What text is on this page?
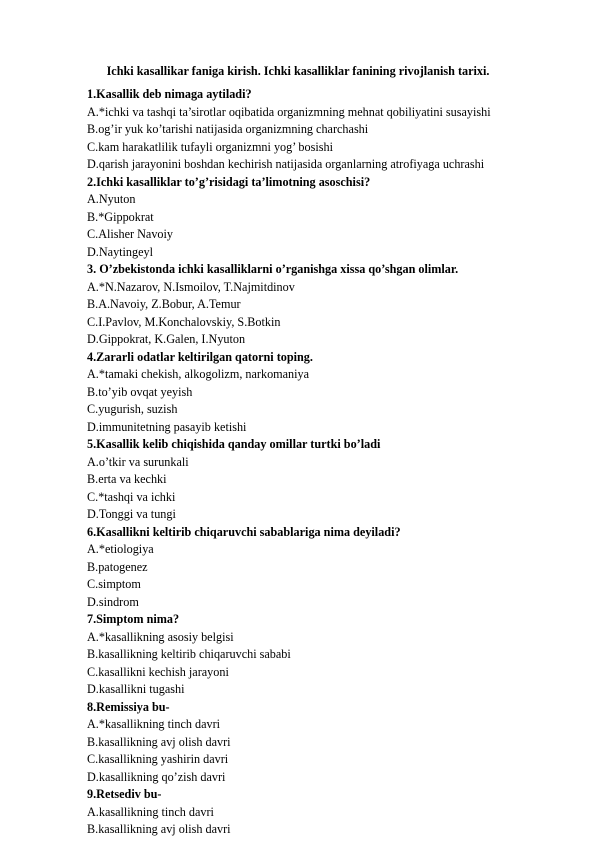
Ichki kasallikar faniga kirish. Ichki kasalliklar fanining rivojlanish tarixi.
1.Kasallik deb nimaga aytiladi?
A. *ichki va tashqi ta’sirotlar oqibatida organizmning mehnat qobiliyatini susayishi
B. og’ir yuk ko’tarishi natijasida organizmning charchashi
C. kam harakatlilik tufayli organizmni yog’ bosishi
D. qarish jarayonini boshdan kechirish natijasida organlarning atrofiyaga uchrashi
2.Ichki kasalliklar to’g’risidagi ta’limotning asoschisi?
A. Nyuton
B. *Gippokrat
C. Alisher Navoiy
D. Naytingeyl
3. O’zbekistonda ichki kasalliklarni o’rganishga xissa qo’shgan olimlar.
A. *N.Nazarov, N.Ismoilov, T.Najmitdinov
B. A.Navoiy, Z.Bobur, A.Temur
C. I.Pavlov, M.Konchalovskiy, S.Botkin
D. Gippokrat, K.Galen, I.Nyuton
4.Zararli odatlar keltirilgan qatorni toping.
A. *tamaki chekish, alkogolizm, narkomaniya
B. to’yib ovqat yeyish
C. yugurish, suzish
D. immunitetning pasayib ketishi
5.Kasallik kelib chiqishida qanday omillar turtki bo’ladi
A. o’tkir va surunkali
B. erta va kechki
C. *tashqi va ichki
D. Tonggi va tungi
6.Kasallikni keltirib chiqaruvchi sabablariga nima deyiladi?
A. *etiologiya
B. patogenez
C. simptom
D. sindrom
7.Simptom nima?
A. *kasallikning asosiy belgisi
B. kasallikning keltirib chiqaruvchi sababi
C. kasallikni kechish jarayoni
D. kasallikni tugashi
8.Remissiya bu-
A. *kasallikning tinch davri
B. kasallikning avj olish davri
C. kasallikning yashirin davri
D. kasallikning qo’zish davri
9.Retsediv bu-
A. kasallikning tinch davri
B. kasallikning avj olish davri
